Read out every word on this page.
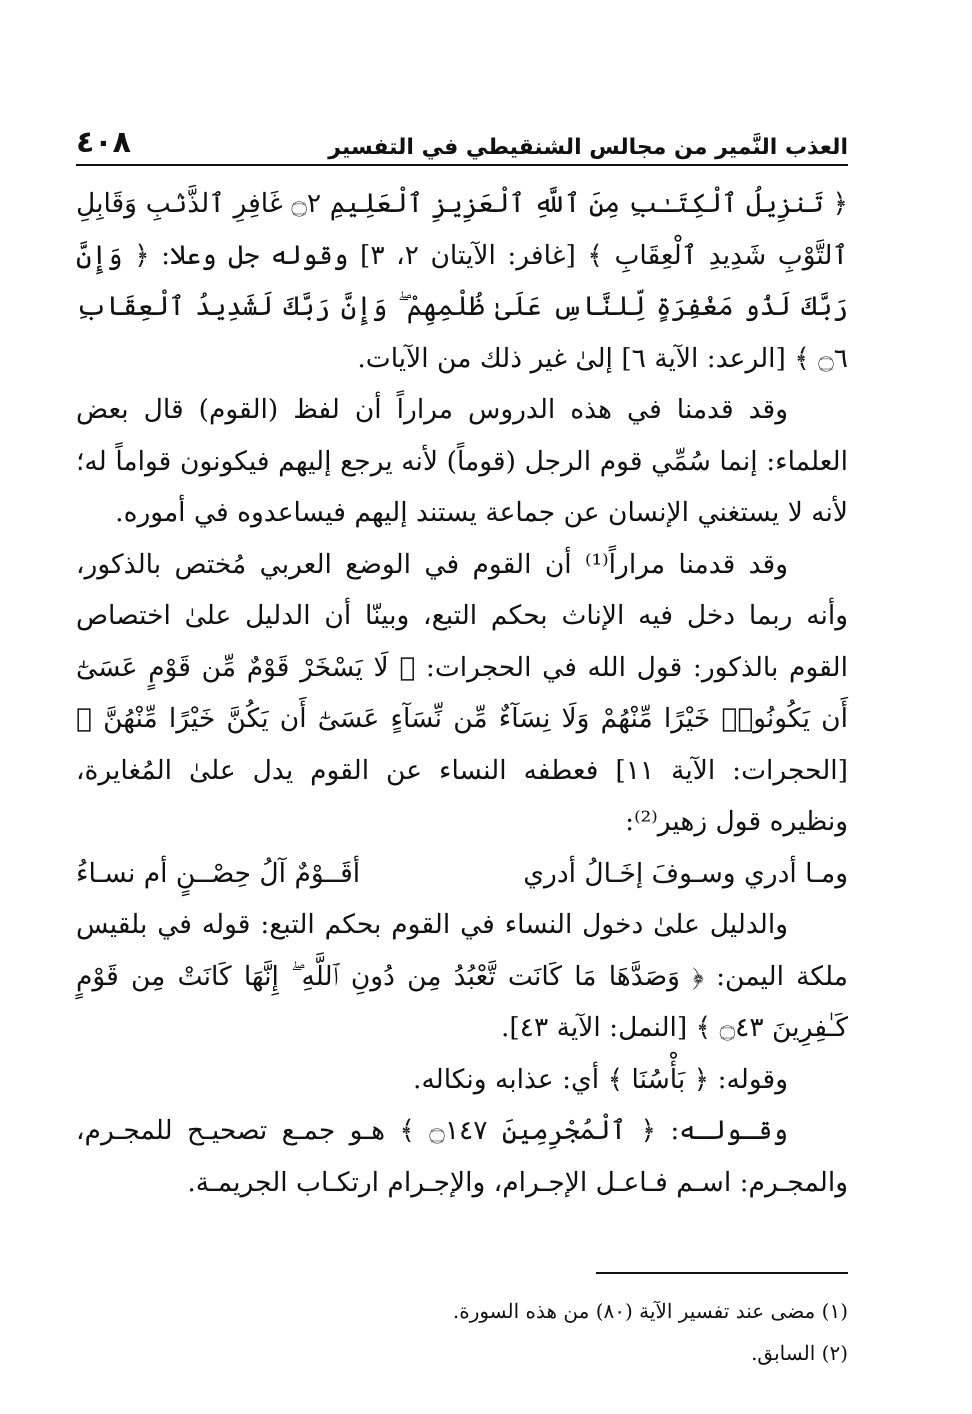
العذب النَّمير من مجالس الشنقيطي في التفسير
٤٠٨

﴿ تَنزِيلُ ٱلْكِتَـٰبِ مِنَ ٱللَّهِ ٱلْعَزِيزِ ٱلْعَلِيمِ ۝٢ غَافِرِ ٱلذَّنۢبِ وَقَابِلِ ٱلتَّوْبِ شَدِيدِ ٱلْعِقَابِ ﴾ [غافر: الآيتان ٢، ٣] وقوله جل وعلا: ﴿ وَإِنَّ رَبَّكَ لَذُو مَغْفِرَةٍ لِّلنَّاسِ عَلَىٰ ظُلْمِهِمْ ۖ وَإِنَّ رَبَّكَ لَشَدِيدُ ٱلْعِقَابِ ۝٦ ﴾ [الرعد: الآية ٦] إلىٰ غير ذلك من الآيات.

وقد قدمنا في هذه الدروس مراراً أن لفظ (القوم) قال بعض العلماء: إنما سُمِّي قوم الرجل (قوماً) لأنه يرجع إليهم فيكونون قواماً له؛ لأنه لا يستغني الإنسان عن جماعة يستند إليهم فيساعدوه في أموره.

وقد قدمنا مراراً⁽¹⁾ أن القوم في الوضع العربي مُختص بالذكور، وأنه ربما دخل فيه الإناث بحكم التبع، وبينّا أن الدليل علىٰ اختصاص القوم بالذكور: قول الله في الحجرات: ﴿ لَا يَسْخَرْ قَوْمٌ مِّن قَوْمٍ عَسَىٰٓ أَن يَكُونُوا۟ خَيْرًا مِّنْهُمْ وَلَا نِسَآءٌ مِّن نِّسَآءٍ عَسَىٰٓ أَن يَكُنَّ خَيْرًا مِّنْهُنَّ ﴾ [الحجرات: الآية ١١] فعطفه النساء عن القوم يدل علىٰ المُغايرة، ونظيره قول زهير⁽²⁾:

ومـا أدري وسـوفَ إخَـالُ أدري
أقَــوْمٌ آلُ حِصْــنٍ أم نسـاءُ

والدليل علىٰ دخول النساء في القوم بحكم التبع: قوله في بلقيس ملكة اليمن: ﴿ وَصَدَّهَا مَا كَانَت تَّعْبُدُ مِن دُونِ ٱللَّهِ ۖ إِنَّهَا كَانَتْ مِن قَوْمٍ كَـٰفِرِينَ ۝٤٣ ﴾ [النمل: الآية ٤٣].

وقوله: ﴿ بَأْسُنَا ﴾ أي: عذابه ونكاله.

وقـولـه: ﴿ ٱلْمُجْرِمِينَ ۝١٤٧ ﴾ هـو جمـع تصحيـح للمجـرم، والمجـرم: اسـم فـاعـل الإجـرام، والإجـرام ارتكـاب الجريمـة.

(١) مضى عند تفسير الآية (٨٠) من هذه السورة.
(٢) السابق.
